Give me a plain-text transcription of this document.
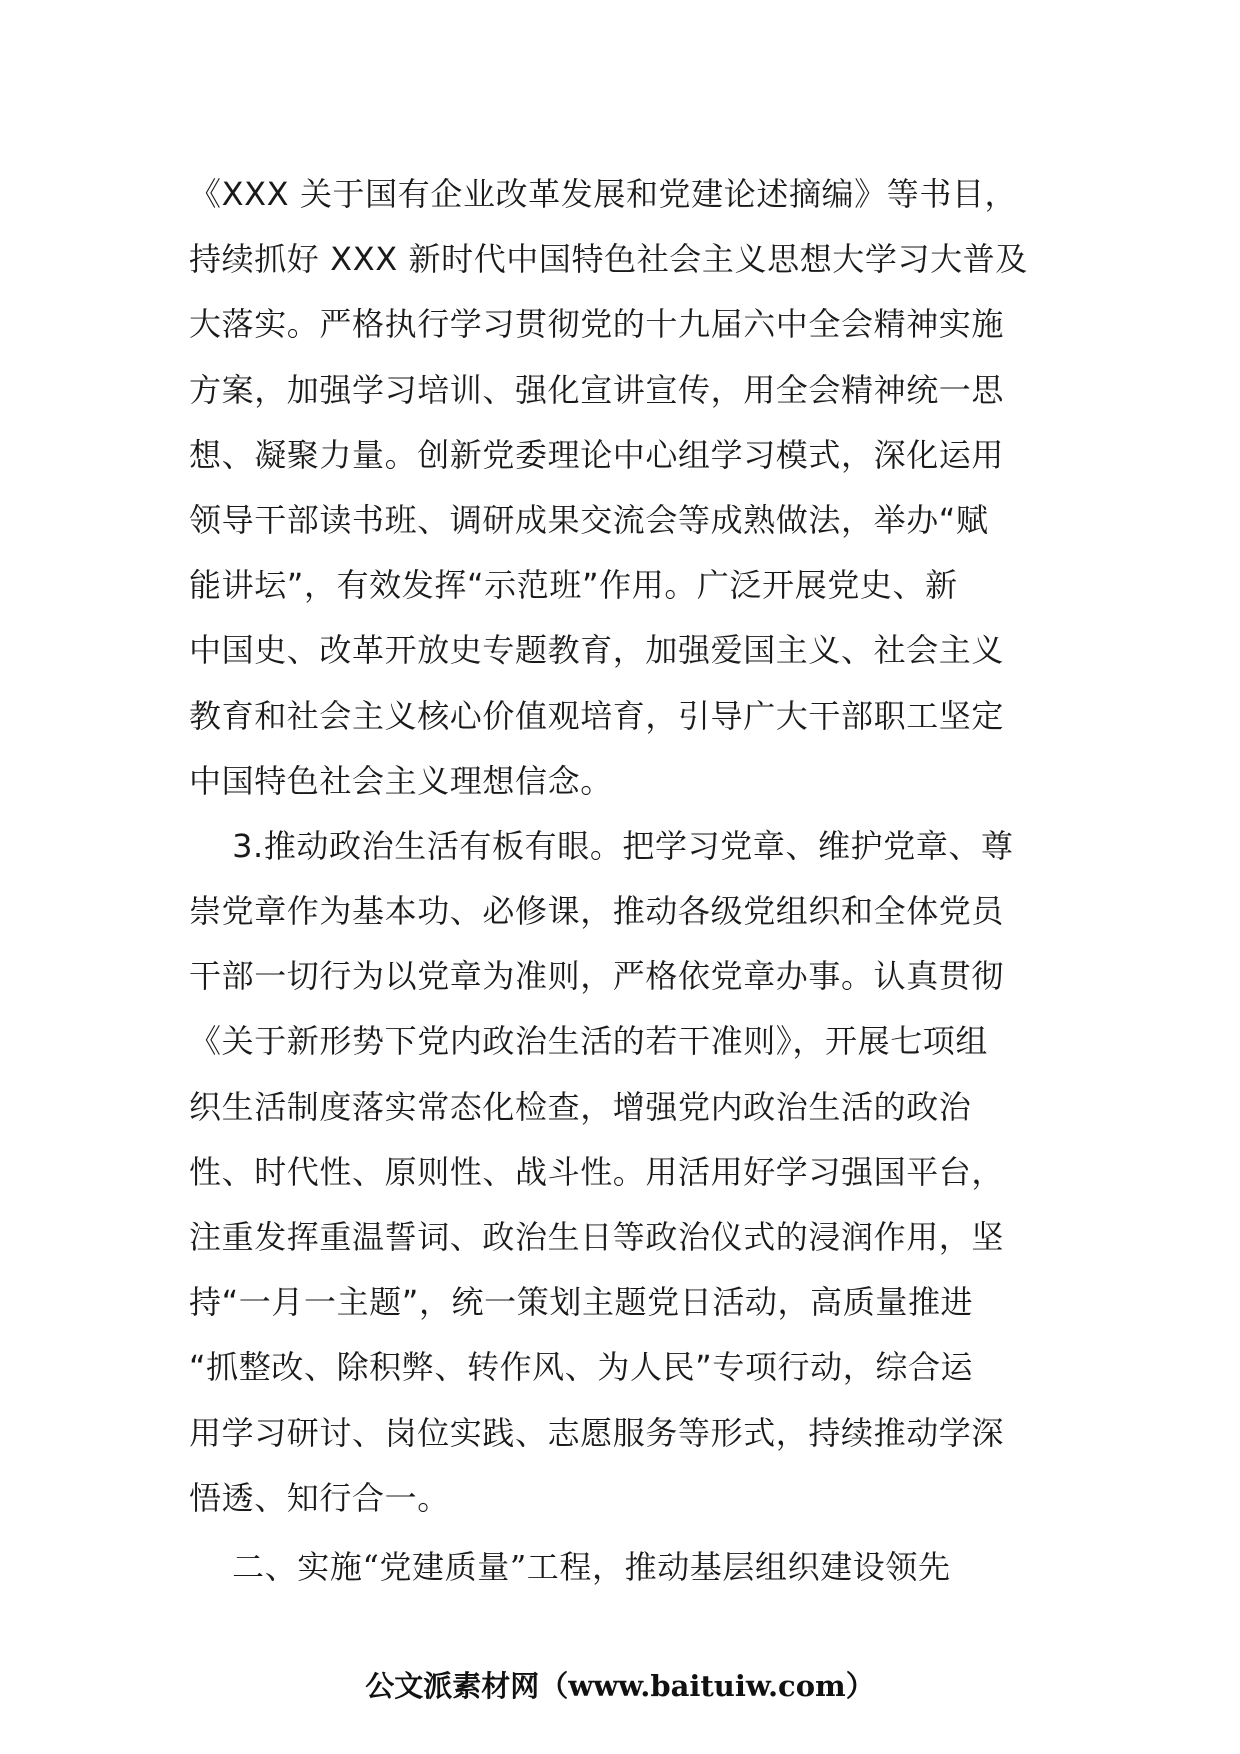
《XXX 关于国有企业改革发展和党建论述摘编》等书目，
持续抓好 XXX 新时代中国特色社会主义思想大学习大普及
大落实。严格执行学习贯彻党的十九届六中全会精神实施
方案，加强学习培训、强化宣讲宣传，用全会精神统一思
想、凝聚力量。创新党委理论中心组学习模式，深化运用
领导干部读书班、调研成果交流会等成熟做法，举办“赋
能讲坛”，有效发挥“示范班”作用。广泛开展党史、新
中国史、改革开放史专题教育，加强爱国主义、社会主义
教育和社会主义核心价值观培育，引导广大干部职工坚定
中国特色社会主义理想信念。
3.推动政治生活有板有眼。把学习党章、维护党章、尊
崇党章作为基本功、必修课，推动各级党组织和全体党员
干部一切行为以党章为准则，严格依党章办事。认真贯彻
《关于新形势下党内政治生活的若干准则》，开展七项组
织生活制度落实常态化检查，增强党内政治生活的政治
性、时代性、原则性、战斗性。用活用好学习强国平台，
注重发挥重温誓词、政治生日等政治仪式的浸润作用，坚
持“一月一主题”，统一策划主题党日活动，高质量推进
“抓整改、除积弊、转作风、为人民”专项行动，综合运
用学习研讨、岗位实践、志愿服务等形式，持续推动学深
悟透、知行合一。
二、实施“党建质量”工程，推动基层组织建设领先
公文派素材网（www.baituiw.com）
